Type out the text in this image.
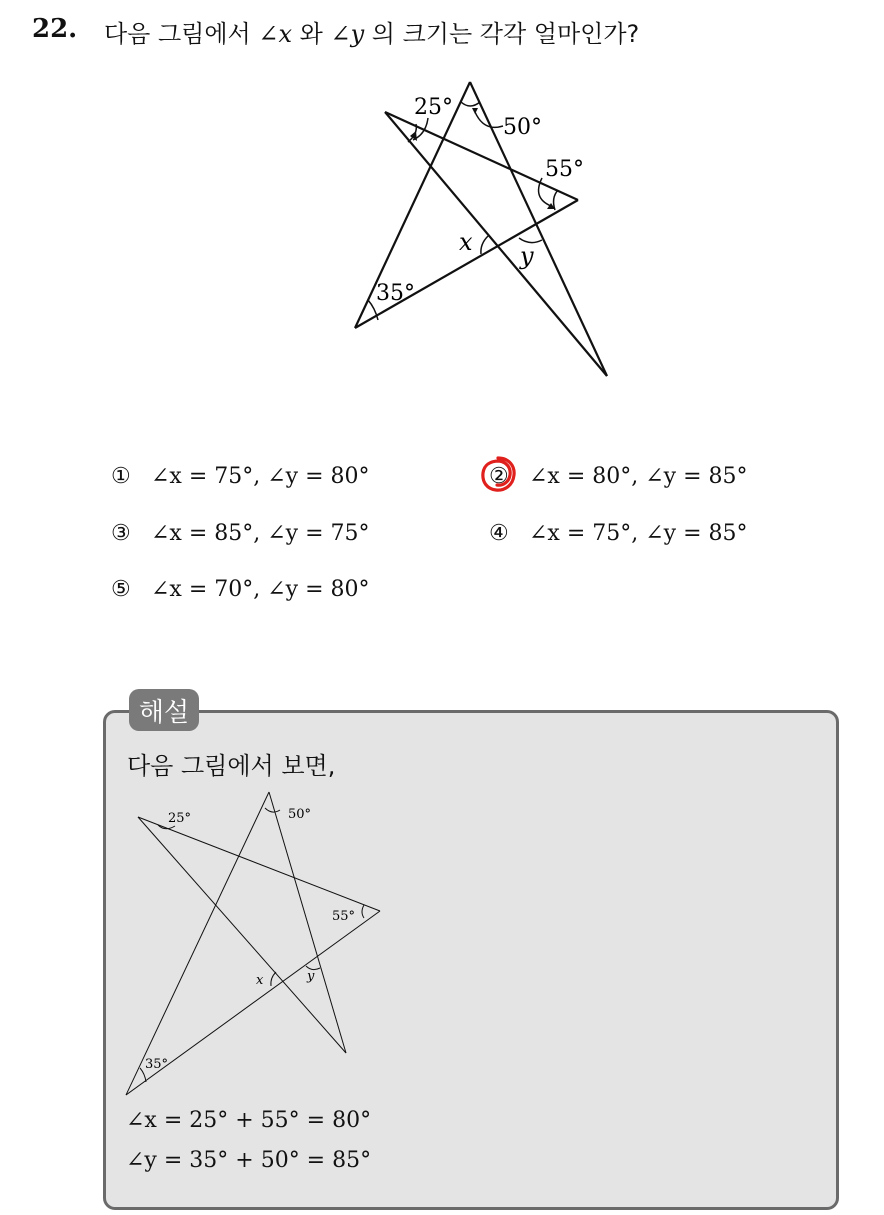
22. 다음 그림에서 ∠x 와 ∠y 의 크기는 각각 얼마인가?
25°
50°
55°
35°
x y
① ∠x = 75°, ∠y = 80°	② ∠x = 80°, ∠y = 85°
③ ∠x = 85°, ∠y = 75°	④ ∠x = 75°, ∠y = 85°
⑤ ∠x = 70°, ∠y = 80°
해설
다음 그림에서 보면,
25°	50°
55°
35°
x	y
∠x = 25° + 55° = 80°
∠y = 35° + 50° = 85°
